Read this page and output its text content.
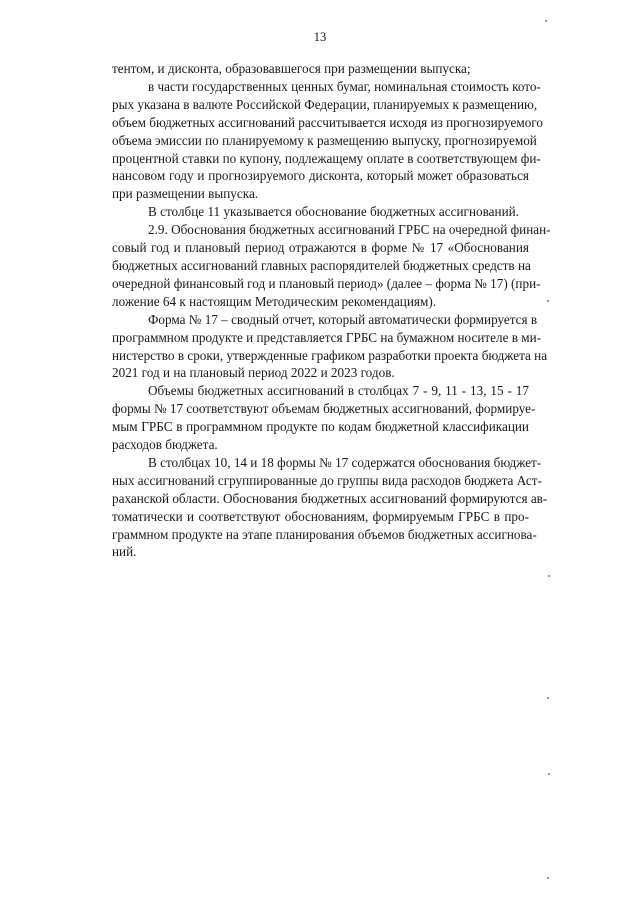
13
тентом, и дисконта, образовавшегося при размещении выпуска;
в части государственных ценных бумаг, номинальная стоимость кото-
рых указана в валюте Российской Федерации, планируемых к размещению,
объем бюджетных ассигнований рассчитывается исходя из прогнозируемого
объема эмиссии по планируемому к размещению выпуску, прогнозируемой
процентной ставки по купону, подлежащему оплате в соответствующем фи-
нансовом году и прогнозируемого дисконта, который может образоваться
при размещении выпуска.
В столбце 11 указывается обоснование бюджетных ассигнований.
2.9. Обоснования бюджетных ассигнований ГРБС на очередной финан-
совый год и плановый период отражаются в форме № 17 «Обоснования
бюджетных ассигнований главных распорядителей бюджетных средств на
очередной финансовый год и плановый период» (далее – форма № 17) (при-
ложение 64 к настоящим Методическим рекомендациям).
Форма № 17 – сводный отчет, который автоматически формируется в
программном продукте и представляется ГРБС на бумажном носителе в ми-
нистерство в сроки, утвержденные графиком разработки проекта бюджета на
2021 год и на плановый период 2022 и 2023 годов.
Объемы бюджетных ассигнований в столбцах 7 - 9, 11 - 13, 15 - 17
формы № 17 соответствуют объемам бюджетных ассигнований, формируе-
мым ГРБС в программном продукте по кодам бюджетной классификации
расходов бюджета.
В столбцах 10, 14 и 18 формы № 17 содержатся обоснования бюджет-
ных ассигнований сгруппированные до группы вида расходов бюджета Аст-
раханской области. Обоснования бюджетных ассигнований формируются ав-
томатически и соответствуют обоснованиям, формируемым ГРБС в про-
граммном продукте на этапе планирования объемов бюджетных ассигнова-
ний.
